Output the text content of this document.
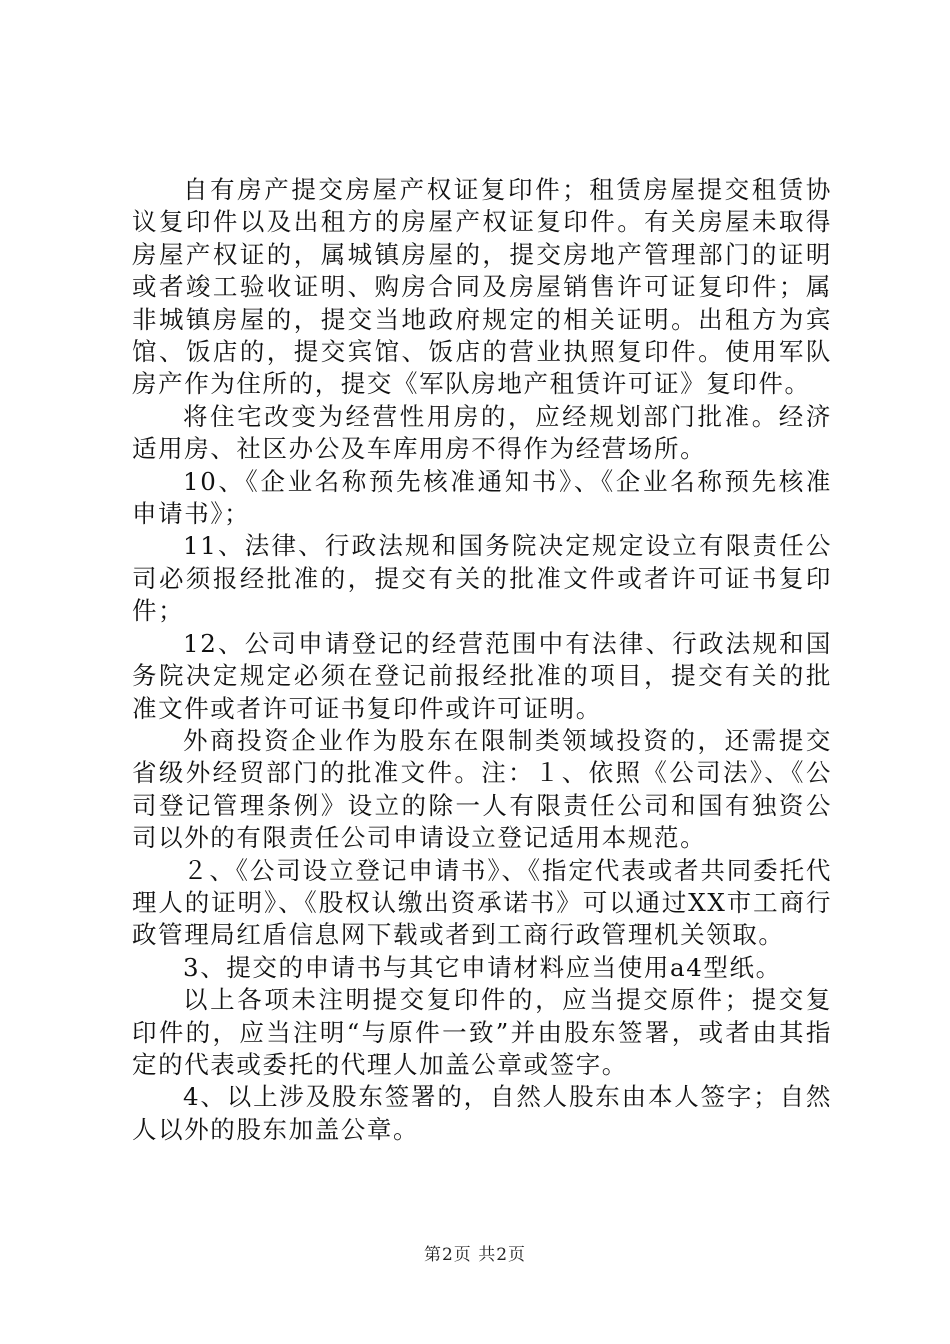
自有房产提交房屋产权证复印件；租赁房屋提交租赁协议复印件以及出租方的房屋产权证复印件。有关房屋未取得房屋产权证的，属城镇房屋的，提交房地产管理部门的证明或者竣工验收证明、购房合同及房屋销售许可证复印件；属非城镇房屋的，提交当地政府规定的相关证明。出租方为宾馆、饭店的，提交宾馆、饭店的营业执照复印件。使用军队房产作为住所的，提交《军队房地产租赁许可证》复印件。

将住宅改变为经营性用房的，应经规划部门批准。经济适用房、社区办公及车库用房不得作为经营场所。

10、《企业名称预先核准通知书》、《企业名称预先核准申请书》；

11、法律、行政法规和国务院决定规定设立有限责任公司必须报经批准的，提交有关的批准文件或者许可证书复印件；

12、公司申请登记的经营范围中有法律、行政法规和国务院决定规定必须在登记前报经批准的项目，提交有关的批准文件或者许可证书复印件或许可证明。

外商投资企业作为股东在限制类领域投资的，还需提交省级外经贸部门的批准文件。注：１、依照《公司法》、《公司登记管理条例》设立的除一人有限责任公司和国有独资公司以外的有限责任公司申请设立登记适用本规范。

２、《公司设立登记申请书》、《指定代表或者共同委托代理人的证明》、《股权认缴出资承诺书》可以通过XX市工商行政管理局红盾信息网下载或者到工商行政管理机关领取。

3、提交的申请书与其它申请材料应当使用a4型纸。

以上各项未注明提交复印件的，应当提交原件；提交复印件的，应当注明“与原件一致”并由股东签署，或者由其指定的代表或委托的代理人加盖公章或签字。

4、以上涉及股东签署的，自然人股东由本人签字；自然人以外的股东加盖公章。

第2页 共2页
